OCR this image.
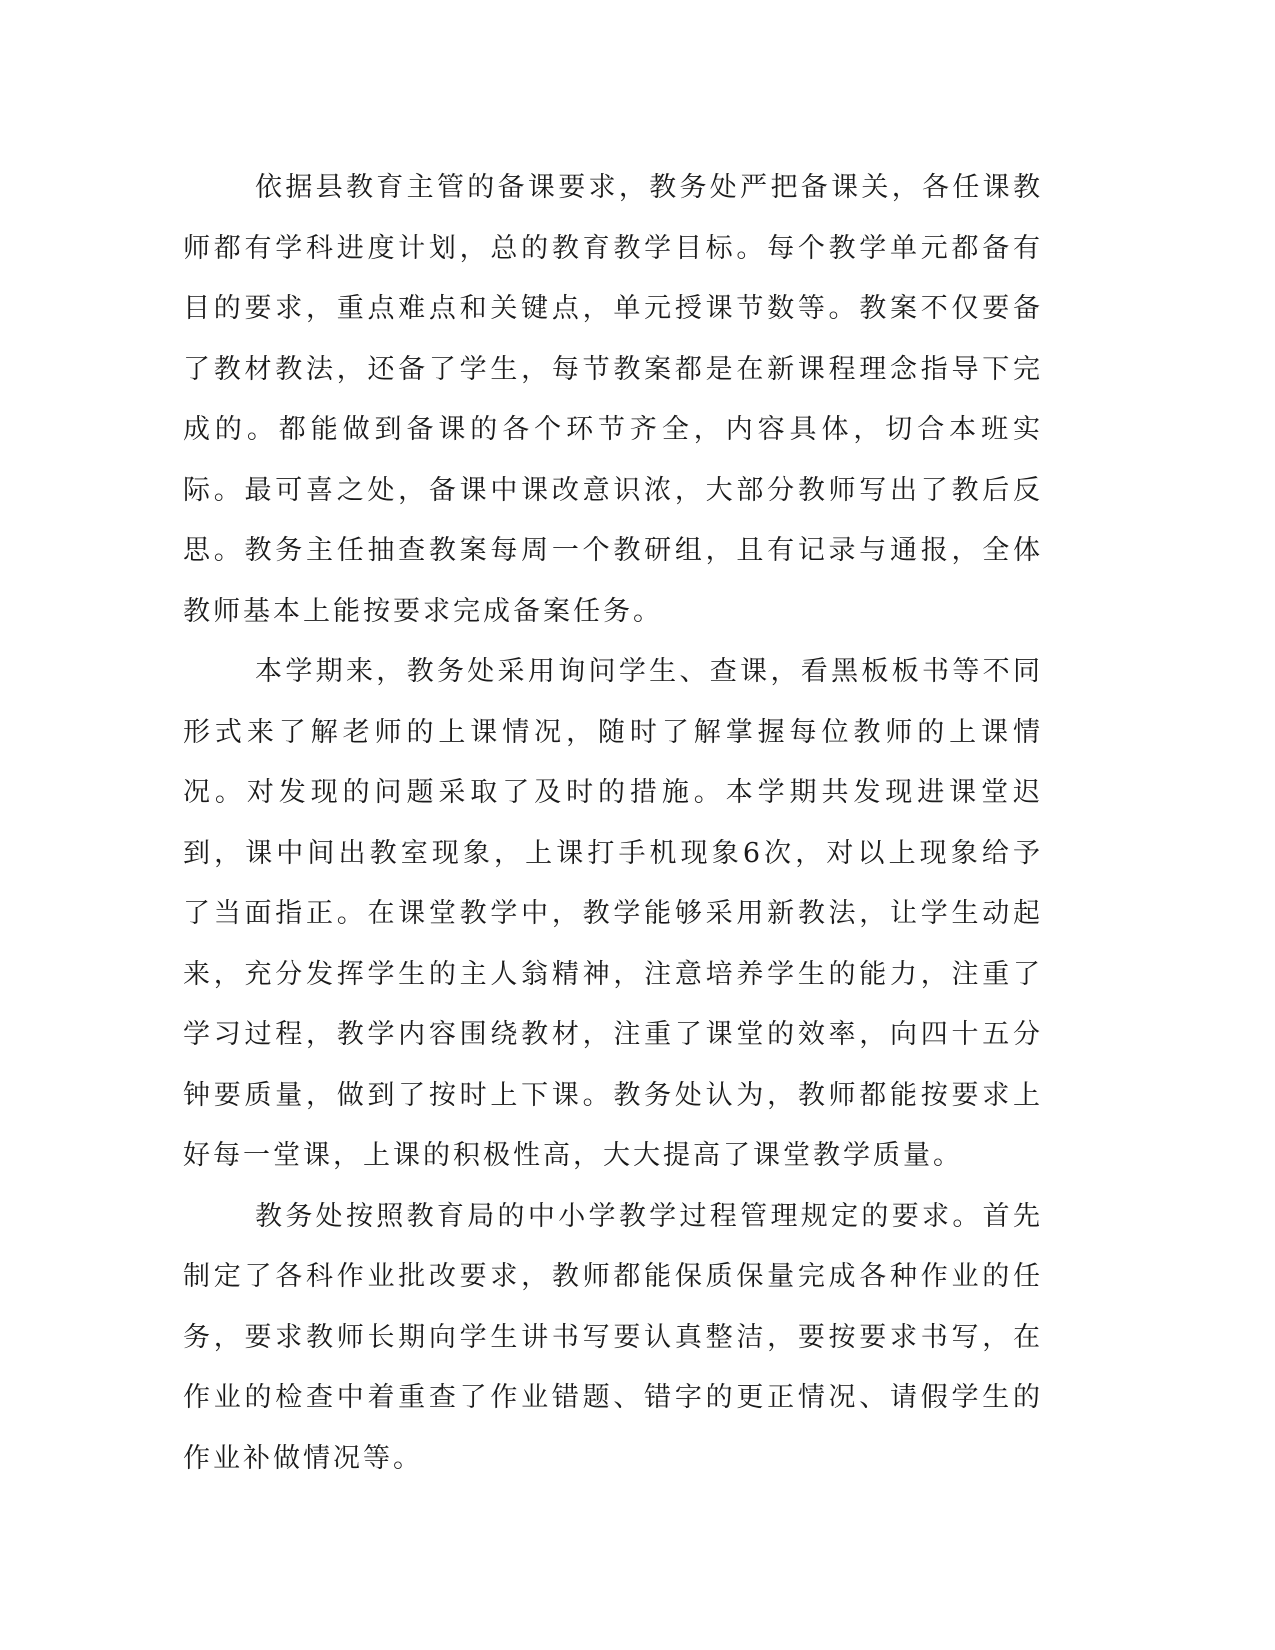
依据县教育主管的备课要求，教务处严把备课关，各任课教师都有学科进度计划，总的教育教学目标。每个教学单元都备有目的要求，重点难点和关键点，单元授课节数等。教案不仅要备了教材教法，还备了学生，每节教案都是在新课程理念指导下完成的。都能做到备课的各个环节齐全，内容具体，切合本班实际。最可喜之处，备课中课改意识浓，大部分教师写出了教后反思。教务主任抽查教案每周一个教研组，且有记录与通报，全体教师基本上能按要求完成备案任务。

本学期来，教务处采用询问学生、查课，看黑板板书等不同形式来了解老师的上课情况，随时了解掌握每位教师的上课情况。对发现的问题采取了及时的措施。本学期共发现进课堂迟到，课中间出教室现象，上课打手机现象6次，对以上现象给予了当面指正。在课堂教学中，教学能够采用新教法，让学生动起来，充分发挥学生的主人翁精神，注意培养学生的能力，注重了学习过程，教学内容围绕教材，注重了课堂的效率，向四十五分钟要质量，做到了按时上下课。教务处认为，教师都能按要求上好每一堂课，上课的积极性高，大大提高了课堂教学质量。

教务处按照教育局的中小学教学过程管理规定的要求。首先制定了各科作业批改要求，教师都能保质保量完成各种作业的任务，要求教师长期向学生讲书写要认真整洁，要按要求书写，在作业的检查中着重查了作业错题、错字的更正情况、请假学生的作业补做情况等。
